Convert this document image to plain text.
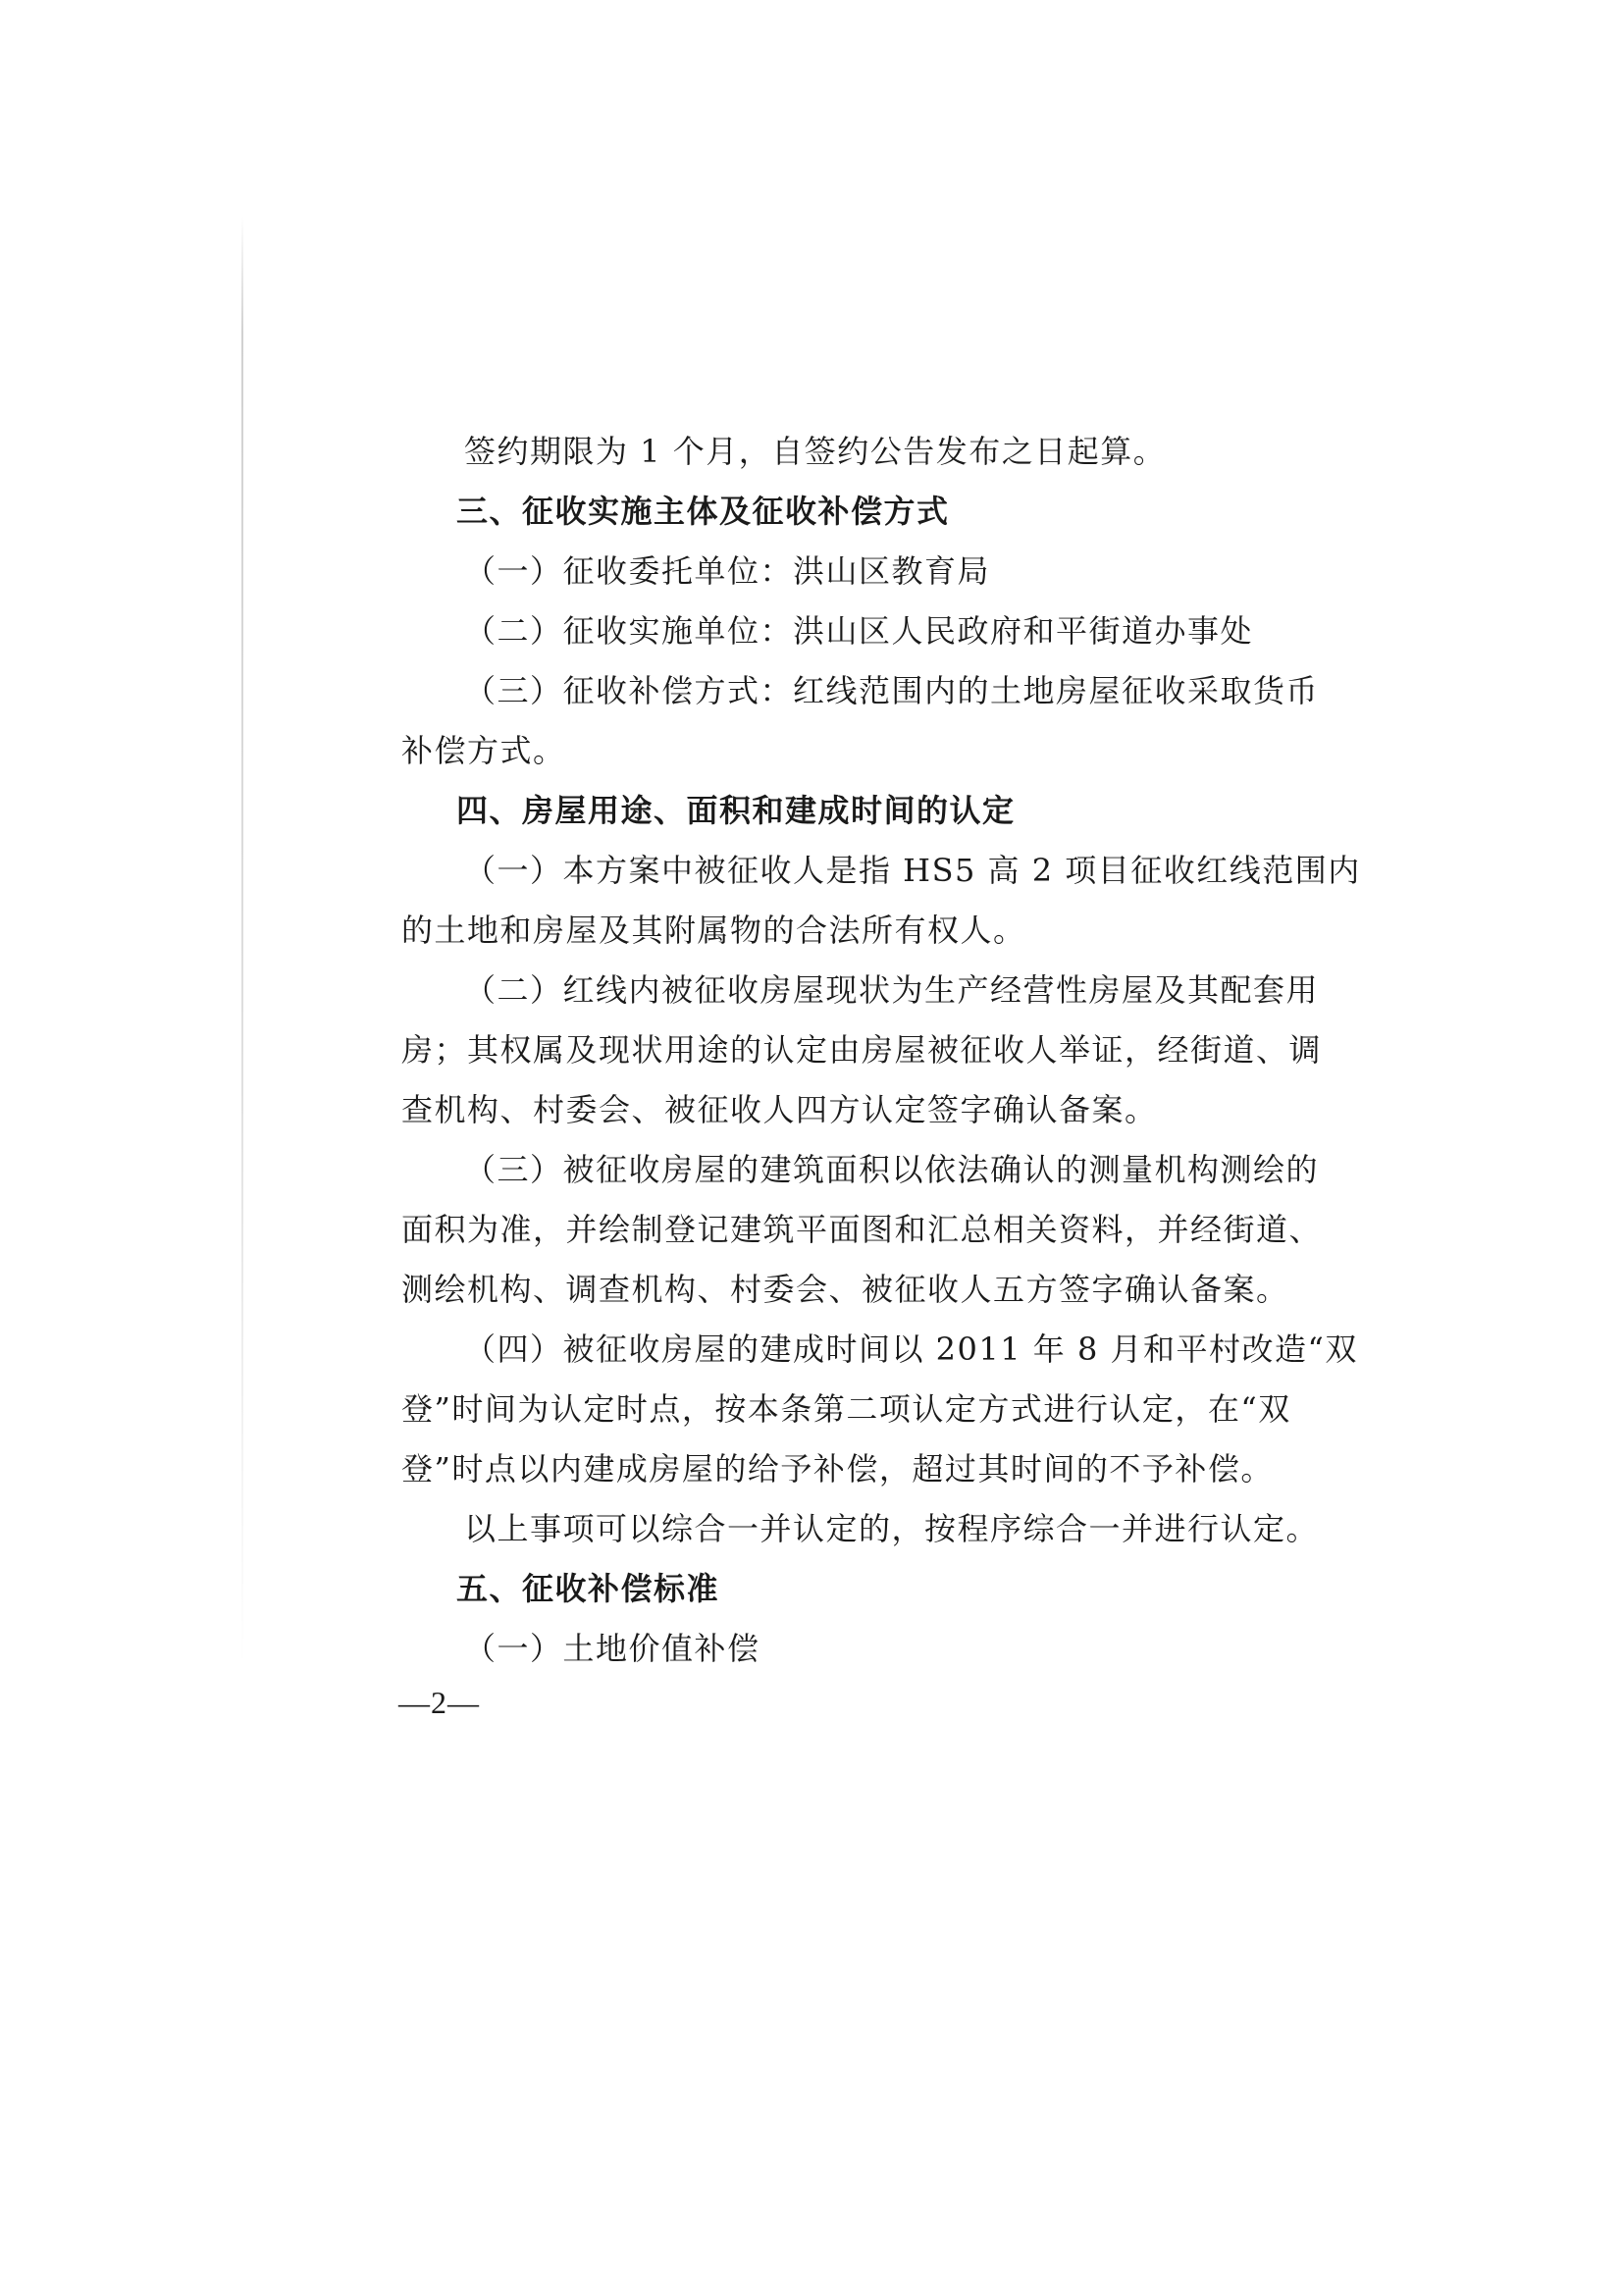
签约期限为 1 个月，自签约公告发布之日起算。

三、征收实施主体及征收补偿方式

（一）征收委托单位：洪山区教育局

（二）征收实施单位：洪山区人民政府和平街道办事处

（三）征收补偿方式：红线范围内的土地房屋征收采取货币

补偿方式。

四、房屋用途、面积和建成时间的认定

（一）本方案中被征收人是指 HS5 高 2 项目征收红线范围内

的土地和房屋及其附属物的合法所有权人。

（二）红线内被征收房屋现状为生产经营性房屋及其配套用

房；其权属及现状用途的认定由房屋被征收人举证，经街道、调

查机构、村委会、被征收人四方认定签字确认备案。

（三）被征收房屋的建筑面积以依法确认的测量机构测绘的

面积为准，并绘制登记建筑平面图和汇总相关资料，并经街道、

测绘机构、调查机构、村委会、被征收人五方签字确认备案。

（四）被征收房屋的建成时间以 2011 年 8 月和平村改造“双

登”时间为认定时点，按本条第二项认定方式进行认定，在“双

登”时点以内建成房屋的给予补偿，超过其时间的不予补偿。

以上事项可以综合一并认定的，按程序综合一并进行认定。

五、征收补偿标准

（一）土地价值补偿

—2—
